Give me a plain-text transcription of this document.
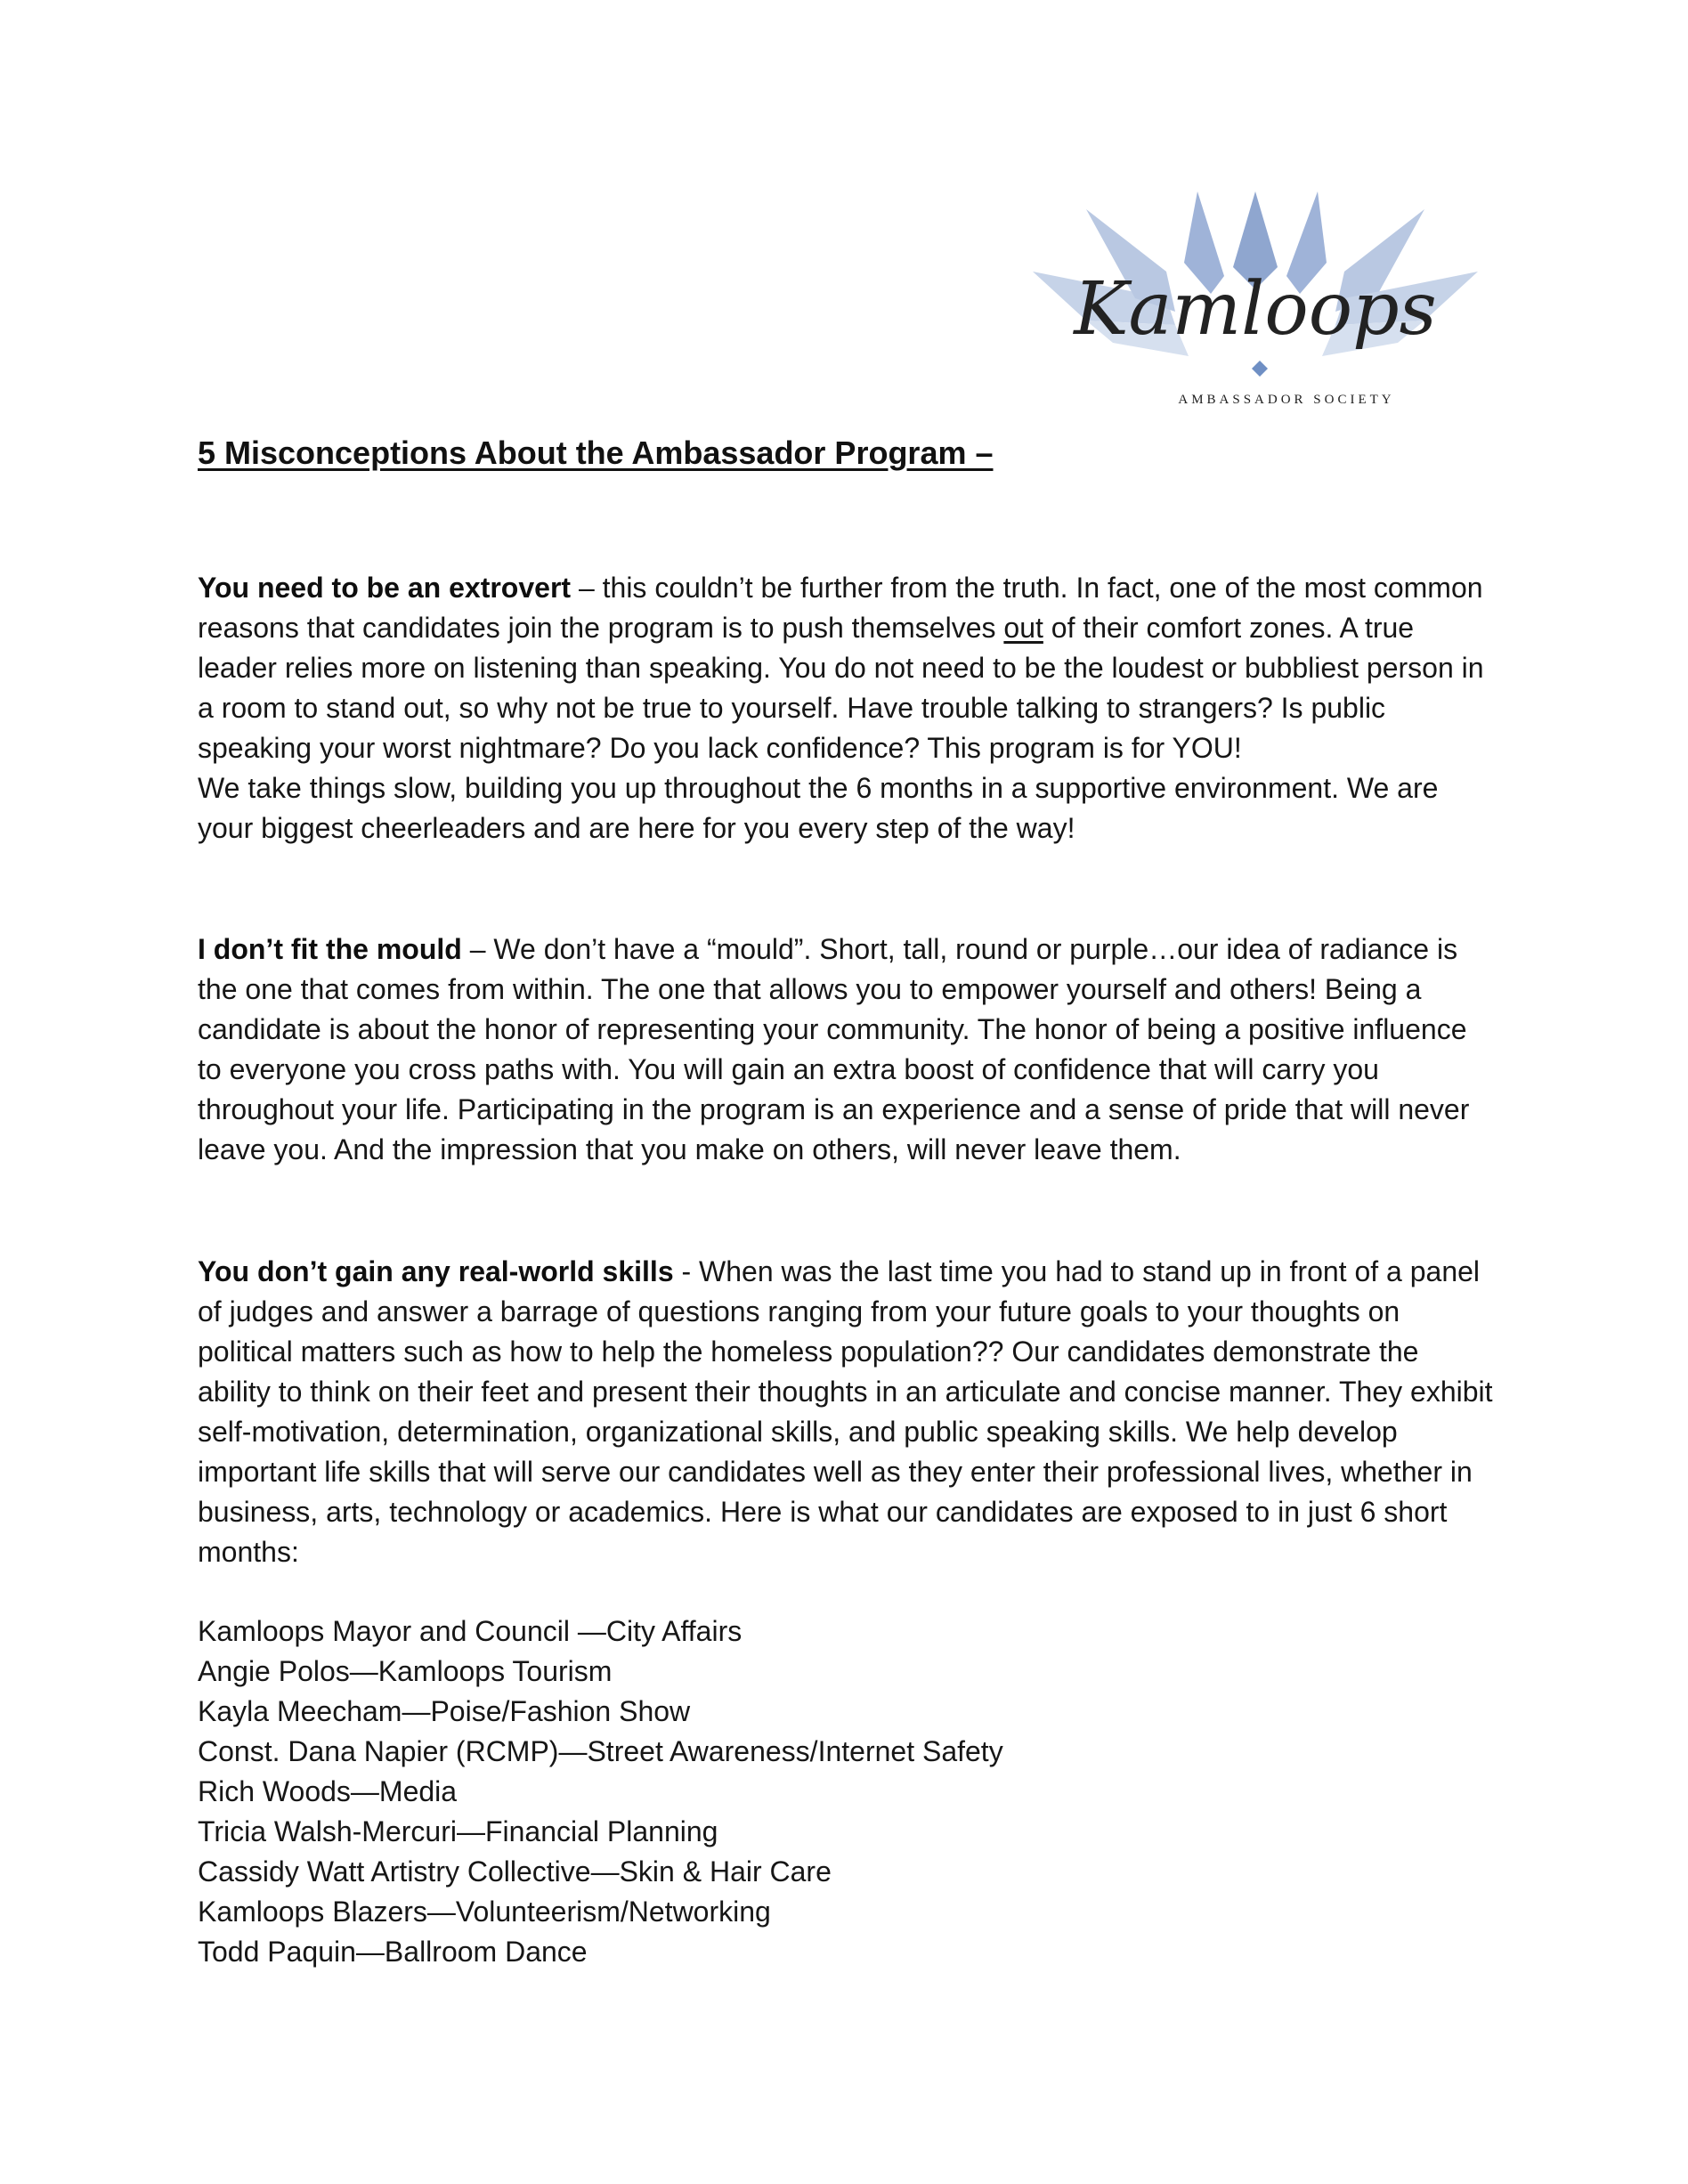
Kamloops
AMBASSADOR SOCIETY
5 Misconceptions About the Ambassador Program –

You need to be an extrovert – this couldn’t be further from the truth. In fact, one of the most common reasons that candidates join the program is to push themselves out of their comfort zones. A true leader relies more on listening than speaking. You do not need to be the loudest or bubbliest person in a room to stand out, so why not be true to yourself. Have trouble talking to strangers? Is public speaking your worst nightmare? Do you lack confidence? This program is for YOU!
We take things slow, building you up throughout the 6 months in a supportive environment. We are your biggest cheerleaders and are here for you every step of the way!

I don’t fit the mould – We don’t have a “mould”. Short, tall, round or purple…our idea of radiance is the one that comes from within. The one that allows you to empower yourself and others! Being a candidate is about the honor of representing your community. The honor of being a positive influence to everyone you cross paths with. You will gain an extra boost of confidence that will carry you throughout your life. Participating in the program is an experience and a sense of pride that will never leave you. And the impression that you make on others, will never leave them.

You don’t gain any real-world skills - When was the last time you had to stand up in front of a panel of judges and answer a barrage of questions ranging from your future goals to your thoughts on political matters such as how to help the homeless population?? Our candidates demonstrate the ability to think on their feet and present their thoughts in an articulate and concise manner. They exhibit self-motivation, determination, organizational skills, and public speaking skills. We help develop important life skills that will serve our candidates well as they enter their professional lives, whether in business, arts, technology or academics. Here is what our candidates are exposed to in just 6 short months:

Kamloops Mayor and Council —City Affairs
Angie Polos—Kamloops Tourism
Kayla Meecham—Poise/Fashion Show
Const. Dana Napier (RCMP)—Street Awareness/Internet Safety
Rich Woods—Media
Tricia Walsh-Mercuri—Financial Planning
Cassidy Watt Artistry Collective—Skin & Hair Care
Kamloops Blazers—Volunteerism/Networking
Todd Paquin—Ballroom Dance
